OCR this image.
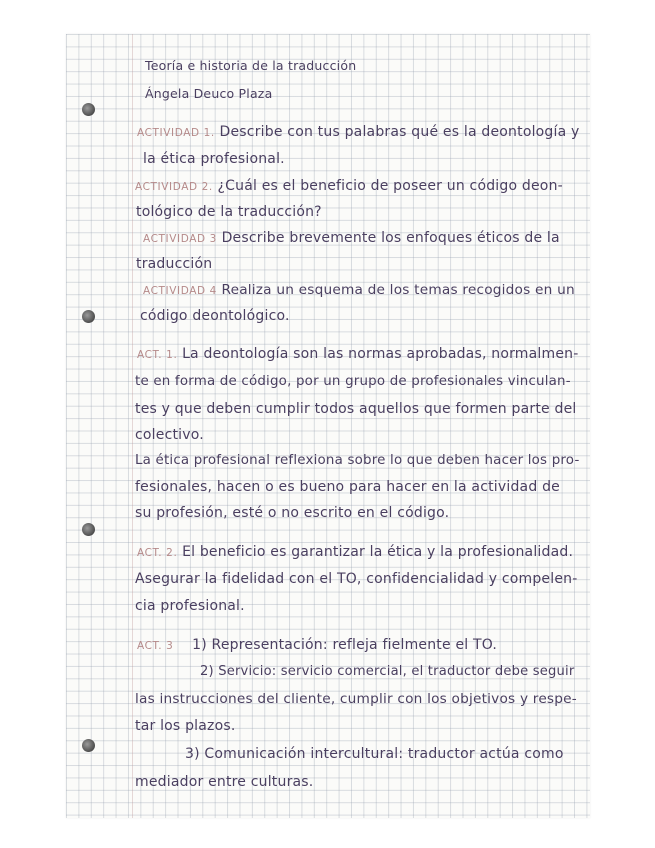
Teoría e historia de la traducción
Ángela Deuco Plaza
ACTIVIDAD 1. Describe con tus palabras qué es la deontología y
la ética profesional.
ACTIVIDAD 2. ¿Cuál es el beneficio de poseer un código deon-
tológico de la traducción?
ACTIVIDAD 3 Describe brevemente los enfoques éticos de la
traducción
ACTIVIDAD 4 Realiza un esquema de los temas recogidos en un
código deontológico.
ACT. 1. La deontología son las normas aprobadas, normalmen-
te en forma de código, por un grupo de profesionales vinculan-
tes y que deben cumplir todos aquellos que formen parte del
colectivo.
La ética profesional reflexiona sobre lo que deben hacer los pro-
fesionales, hacen o es bueno para hacer en la actividad de
su profesión, esté o no escrito en el código.
ACT. 2. El beneficio es garantizar la ética y la profesionalidad.
Asegurar la fidelidad con el TO, confidencialidad y compelen-
cia profesional.
ACT. 3 1) Representación: refleja fielmente el TO.
2) Servicio: servicio comercial, el traductor debe seguir
las instrucciones del cliente, cumplir con los objetivos y respe-
tar los plazos.
3) Comunicación intercultural: traductor actúa como
mediador entre culturas.
